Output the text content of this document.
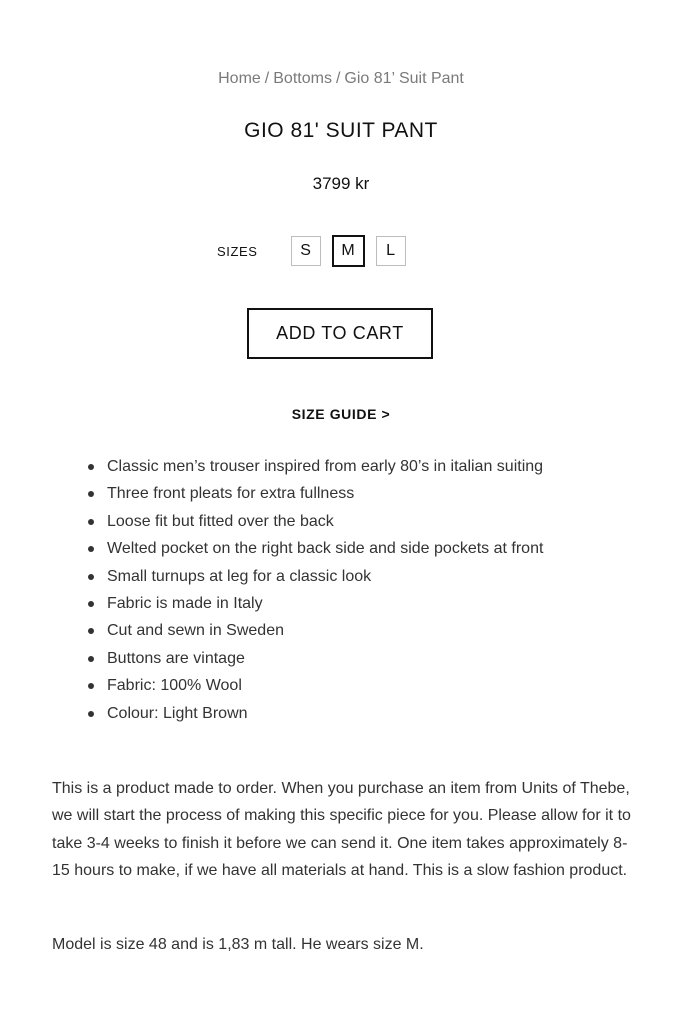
Home / Bottoms / Gio 81’ Suit Pant
GIO 81' SUIT PANT
3799 kr
SIZES	S	M	L
ADD TO CART
SIZE GUIDE >
Classic men’s trouser inspired from early 80’s in italian suiting
Three front pleats for extra fullness
Loose fit but fitted over the back
Welted pocket on the right back side and side pockets at front
Small turnups at leg for a classic look
Fabric is made in Italy
Cut and sewn in Sweden
Buttons are vintage
Fabric: 100% Wool
Colour: Light Brown

This is a product made to order. When you purchase an item from Units of Thebe, we will start the process of making this specific piece for you. Please allow for it to take 3-4 weeks to finish it before we can send it. One item takes approximately 8-15 hours to make, if we have all materials at hand. This is a slow fashion product.

Model is size 48 and is 1,83 m tall. He wears size M.
